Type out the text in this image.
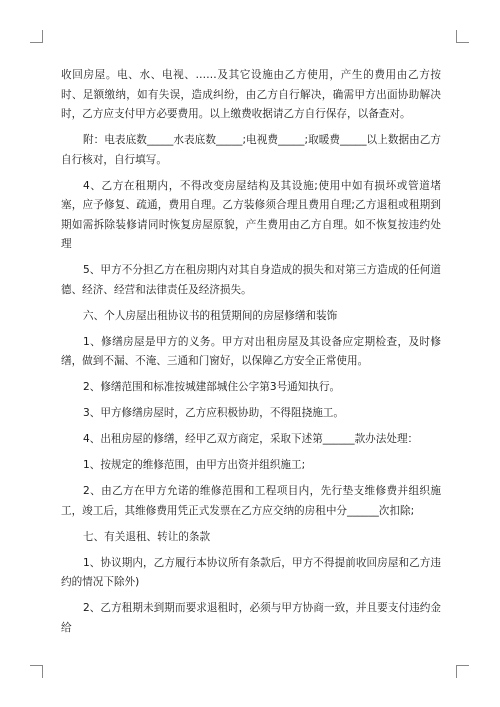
收回房屋。电、水、电视、……及其它设施由乙方使用，产生的费用由乙方按时、足额缴纳，如有失误，造成纠纷，由乙方自行解决，确需甲方出面协助解决时，乙方应支付甲方必要费用。以上缴费收据请乙方自行保存，以备查对。

附：电表底数_____水表底数_____;电视费_____;取暖费_____以上数据由乙方自行核对，自行填写。

4、乙方在租期内，不得改变房屋结构及其设施;使用中如有损坏或管道堵塞，应予修复、疏通，费用自理。乙方装修须合理且费用自理;乙方退租或租期到期如需拆除装修请同时恢复房屋原貌，产生费用由乙方自理。如不恢复按违约处理

5、甲方不分担乙方在租房期内对其自身造成的损失和对第三方造成的任何道德、经济、经营和法律责任及经济损失。

六、个人房屋出租协议书的租赁期间的房屋修缮和装饰

1、修缮房屋是甲方的义务。甲方对出租房屋及其设备应定期检查，及时修缮，做到不漏、不淹、三通和门窗好，以保障乙方安全正常使用。

2、修缮范围和标准按城建部城住公字第3号通知执行。

3、甲方修缮房屋时，乙方应积极协助，不得阻挠施工。

4、出租房屋的修缮，经甲乙双方商定，采取下述第______款办法处理：

1、按规定的维修范围，由甲方出资并组织施工;

2、由乙方在甲方允诺的维修范围和工程项目内，先行垫支维修费并组织施工，竣工后，其维修费用凭正式发票在乙方应交纳的房租中分______次扣除;

七、有关退租、转让的条款

1、协议期内，乙方履行本协议所有条款后，甲方不得提前收回房屋和乙方违约的情况下除外)

2、乙方租期未到期而要求退租时，必须与甲方协商一致，并且要支付违约金给
